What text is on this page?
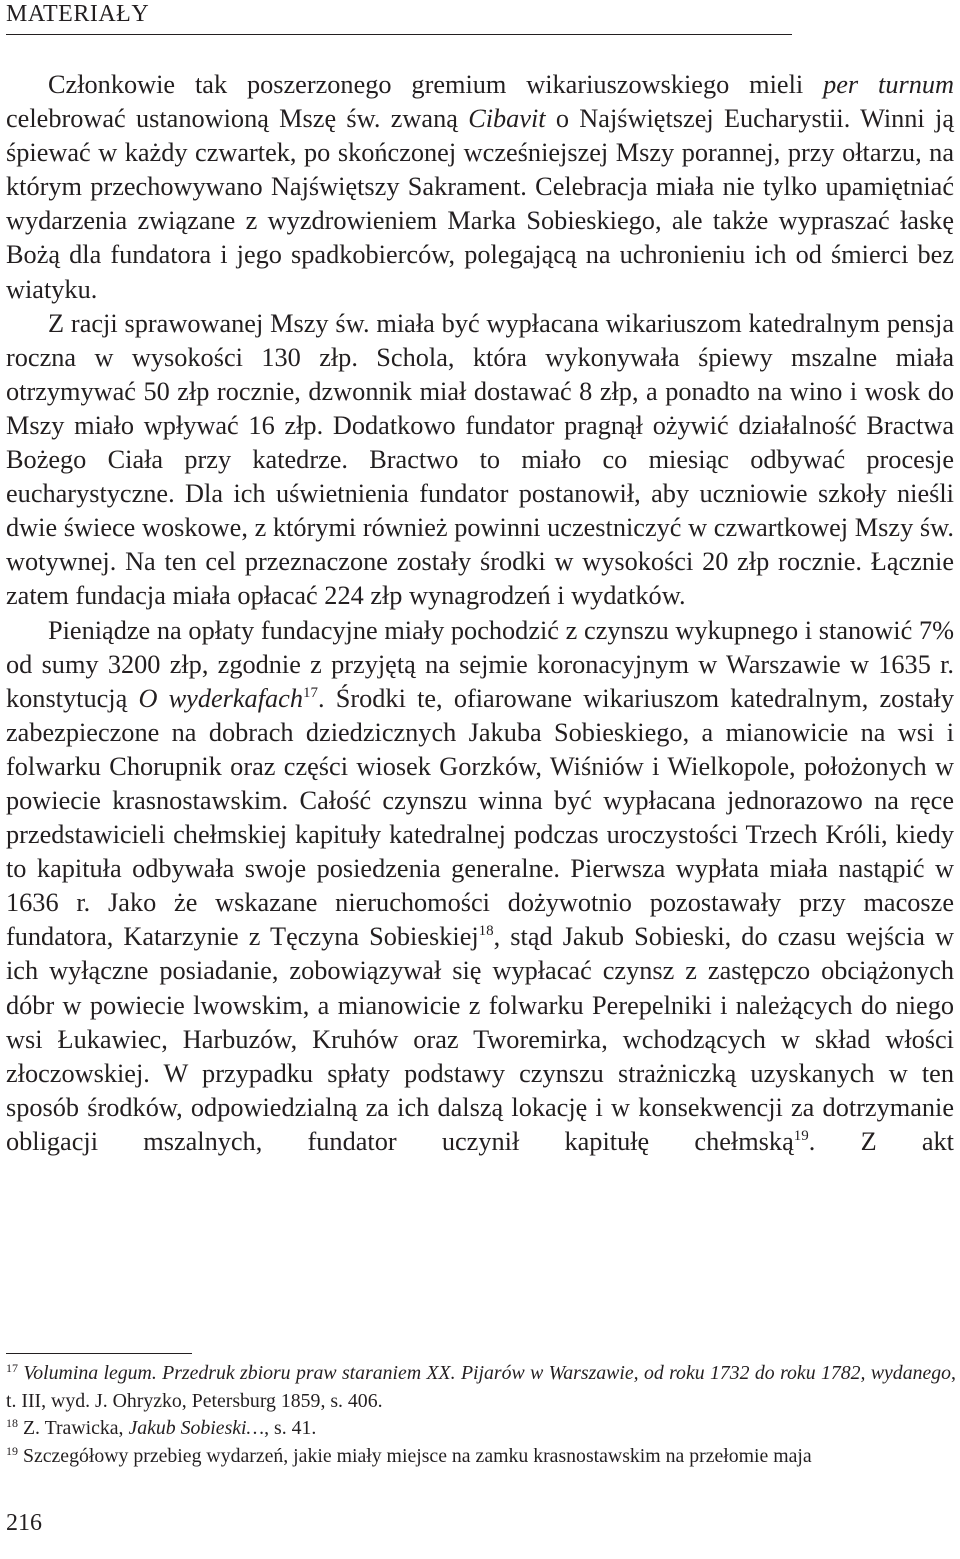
MATERIAŁY

Członkowie tak poszerzonego gremium wikariuszowskiego mieli per turnum celebrować ustanowioną Mszę św. zwaną Cibavit o Najświętszej Eucharystii. Winni ją śpiewać w każdy czwartek, po skończonej wcześniejszej Mszy porannej, przy ołtarzu, na którym przechowywano Najświętszy Sakrament. Celebracja miała nie tylko upamiętniać wydarzenia związane z wyzdrowieniem Marka Sobieskiego, ale także wypraszać łaskę Bożą dla fundatora i jego spadkobierców, polegającą na uchronieniu ich od śmierci bez wiatyku.

Z racji sprawowanej Mszy św. miała być wypłacana wikariuszom katedralnym pensja roczna w wysokości 130 złp. Schola, która wykonywała śpiewy mszalne miała otrzymywać 50 złp rocznie, dzwonnik miał dostawać 8 złp, a ponadto na wino i wosk do Mszy miało wpływać 16 złp. Dodatkowo fundator pragnął ożywić działalność Bractwa Bożego Ciała przy katedrze. Bractwo to miało co miesiąc odbywać procesje eucharystyczne. Dla ich uświetnienia fundator postanowił, aby uczniowie szkoły nieśli dwie świece woskowe, z którymi również powinni uczestniczyć w czwartkowej Mszy św. wotywnej. Na ten cel przeznaczone zostały środki w wysokości 20 złp rocznie. Łącznie zatem fundacja miała opłacać 224 złp wynagrodzeń i wydatków.

Pieniądze na opłaty fundacyjne miały pochodzić z czynszu wykupnego i stanowić 7% od sumy 3200 złp, zgodnie z przyjętą na sejmie koronacyjnym w Warszawie w 1635 r. konstytucją O wyderkafach$^{17}$. Środki te, ofiarowane wikariuszom katedralnym, zostały zabezpieczone na dobrach dziedzicznych Jakuba Sobieskiego, a mianowicie na wsi i folwarku Chorupnik oraz części wiosek Gorzków, Wiśniów i Wielkopole, położonych w powiecie krasnostawskim. Całość czynszu winna być wypłacana jednorazowo na ręce przedstawicieli chełmskiej kapituły katedralnej podczas uroczystości Trzech Króli, kiedy to kapituła odbywała swoje posiedzenia generalne. Pierwsza wypłata miała nastąpić w 1636 r. Jako że wskazane nieruchomości dożywotnio pozostawały przy macosze fundatora, Katarzynie z Tęczyna Sobieskiej$^{18}$, stąd Jakub Sobieski, do czasu wejścia w ich wyłączne posiadanie, zobowiązywał się wypłacać czynsz z zastępczo obciążonych dóbr w powiecie lwowskim, a mianowicie z folwarku Perepelniki i należących do niego wsi Łukawiec, Harbuzów, Kruhów oraz Tworemirka, wchodzących w skład włości złoczowskiej. W przypadku spłaty podstawy czynszu strażniczką uzyskanych w ten sposób środków, odpowiedzialną za ich dalszą lokację i w konsekwencji za dotrzymanie obligacji mszalnych, fundator uczynił kapitułę chełmską$^{19}$. Z akt

$^{17}$ Volumina legum. Przedruk zbioru praw staraniem XX. Pijarów w Warszawie, od roku 1732 do roku 1782, wydanego, t. III, wyd. J. Ohryzko, Petersburg 1859, s. 406.

$^{18}$ Z. Trawicka, Jakub Sobieski…, s. 41.

$^{19}$ Szczegółowy przebieg wydarzeń, jakie miały miejsce na zamku krasnostawskim na przełomie maja

216
